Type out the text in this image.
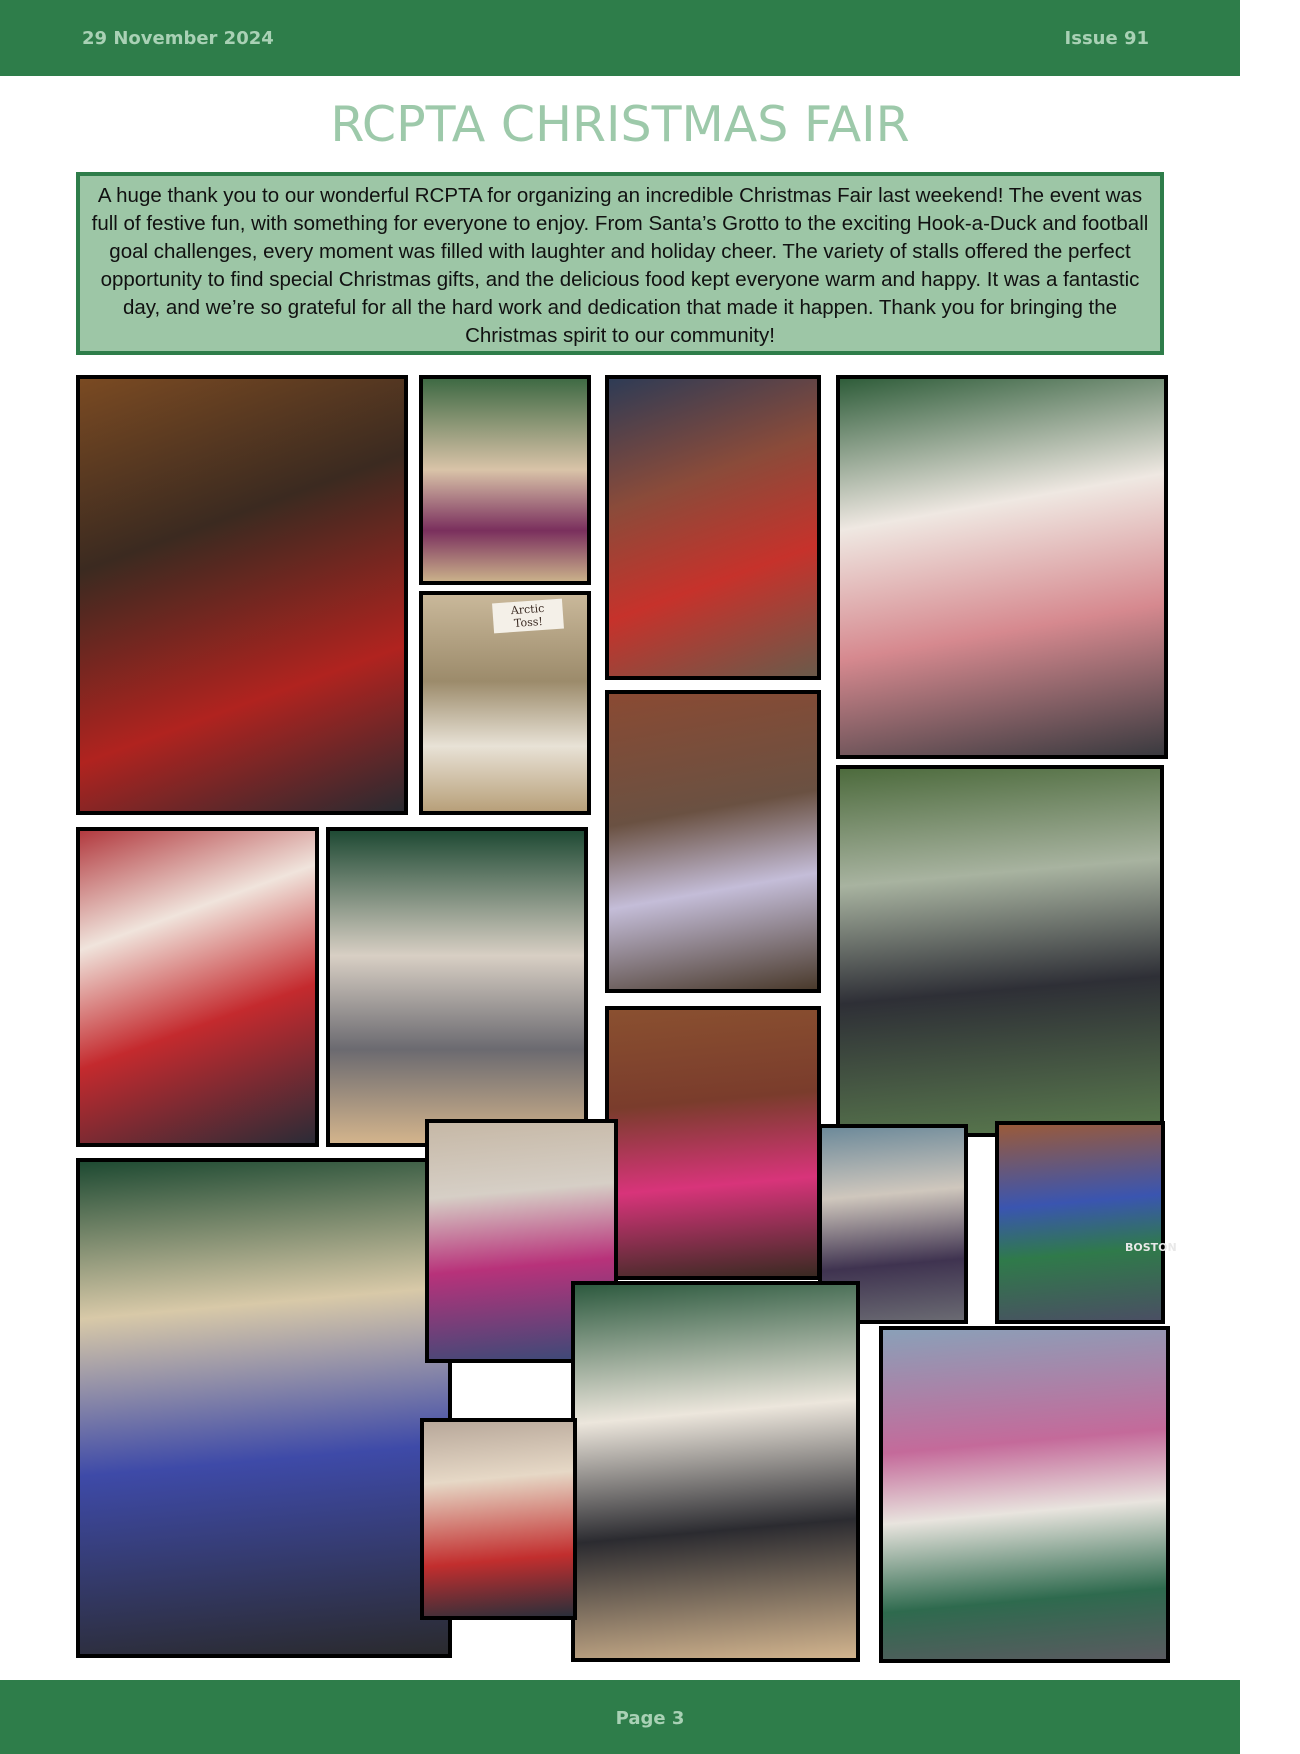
29 November 2024	Issue 91
RCPTA CHRISTMAS FAIR
A huge thank you to our wonderful RCPTA for organizing an incredible Christmas Fair last weekend! The event was full of festive fun, with something for everyone to enjoy. From Santa’s Grotto to the exciting Hook-a-Duck and football goal challenges, every moment was filled with laughter and holiday cheer. The variety of stalls offered the perfect opportunity to find special Christmas gifts, and the delicious food kept everyone warm and happy. It was a fantastic day, and we’re so grateful for all the hard work and dedication that made it happen. Thank you for bringing the Christmas spirit to our community!
Arctic Toss!
BOSTON
Page 3
